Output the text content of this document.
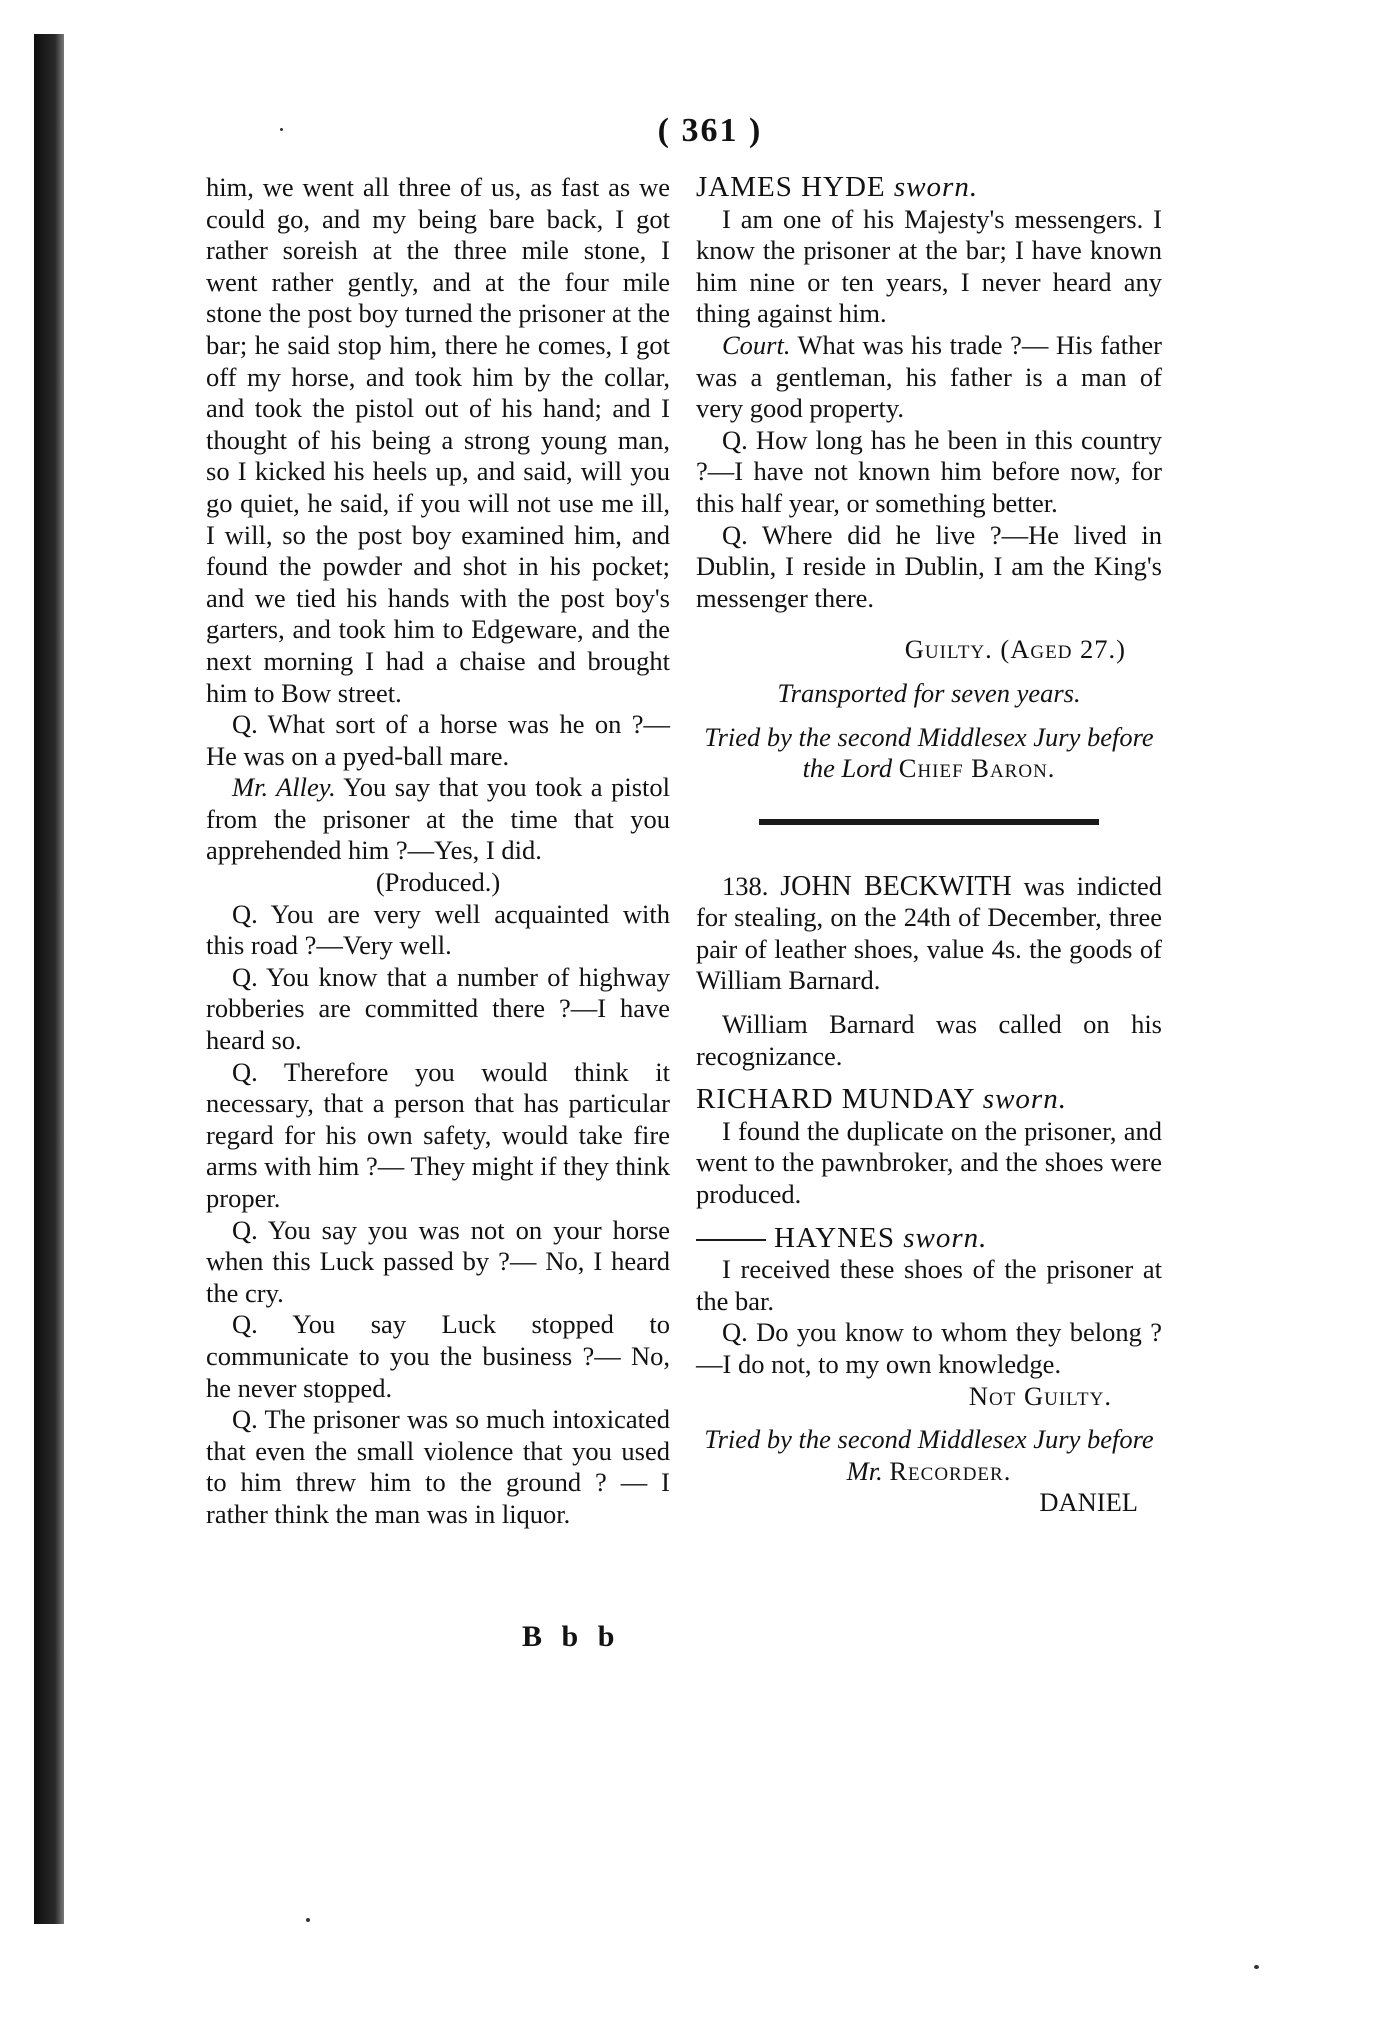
( 361 )

him, we went all three of us, as fast as we could go, and my being bare back, I got rather soreish at the three mile stone, I went rather gently, and at the four mile stone the post boy turned the prisoner at the bar; he said stop him, there he comes, I got off my horse, and took him by the collar, and took the pistol out of his hand; and I thought of his being a strong young man, so I kicked his heels up, and said, will you go quiet, he said, if you will not use me ill, I will, so the post boy examined him, and found the powder and shot in his pocket; and we tied his hands with the post boy's garters, and took him to Edgeware, and the next morning I had a chaise and brought him to Bow street.

Q. What sort of a horse was he on ?— He was on a pyed-ball mare.

Mr. Alley. You say that you took a pistol from the prisoner at the time that you apprehended him ?—Yes, I did.

(Produced.)

Q. You are very well acquainted with this road ?—Very well.

Q. You know that a number of highway robberies are committed there ?—I have heard so.

Q. Therefore you would think it necessary, that a person that has particular regard for his own safety, would take fire arms with him ?— They might if they think proper.

Q. You say you was not on your horse when this Luck passed by ?— No, I heard the cry.

Q. You say Luck stopped to communicate to you the business ?— No, he never stopped.

Q. The prisoner was so much intoxicated that even the small violence that you used to him threw him to the ground ? — I rather think the man was in liquor.

JAMES HYDE sworn.

I am one of his Majesty's messengers. I know the prisoner at the bar; I have known him nine or ten years, I never heard any thing against him.

Court. What was his trade ?— His father was a gentleman, his father is a man of very good property.

Q. How long has he been in this country ?—I have not known him before now, for this half year, or something better.

Q. Where did he live ?—He lived in Dublin, I reside in Dublin, I am the King's messenger there.

Guilty. (Aged 27.)

Transported for seven years.

Tried by the second Middlesex Jury before

the Lord Chief Baron.

138. JOHN BECKWITH was indicted for stealing, on the 24th of December, three pair of leather shoes, value 4s. the goods of William Barnard.

William Barnard was called on his recognizance.

RICHARD MUNDAY sworn.

I found the duplicate on the prisoner, and went to the pawnbroker, and the shoes were produced.

HAYNES sworn.

I received these shoes of the prisoner at the bar.

Q. Do you know to whom they belong ?—I do not, to my own knowledge.

Not Guilty.

Tried by the second Middlesex Jury before

Mr. Recorder.

DANIEL

B b b
